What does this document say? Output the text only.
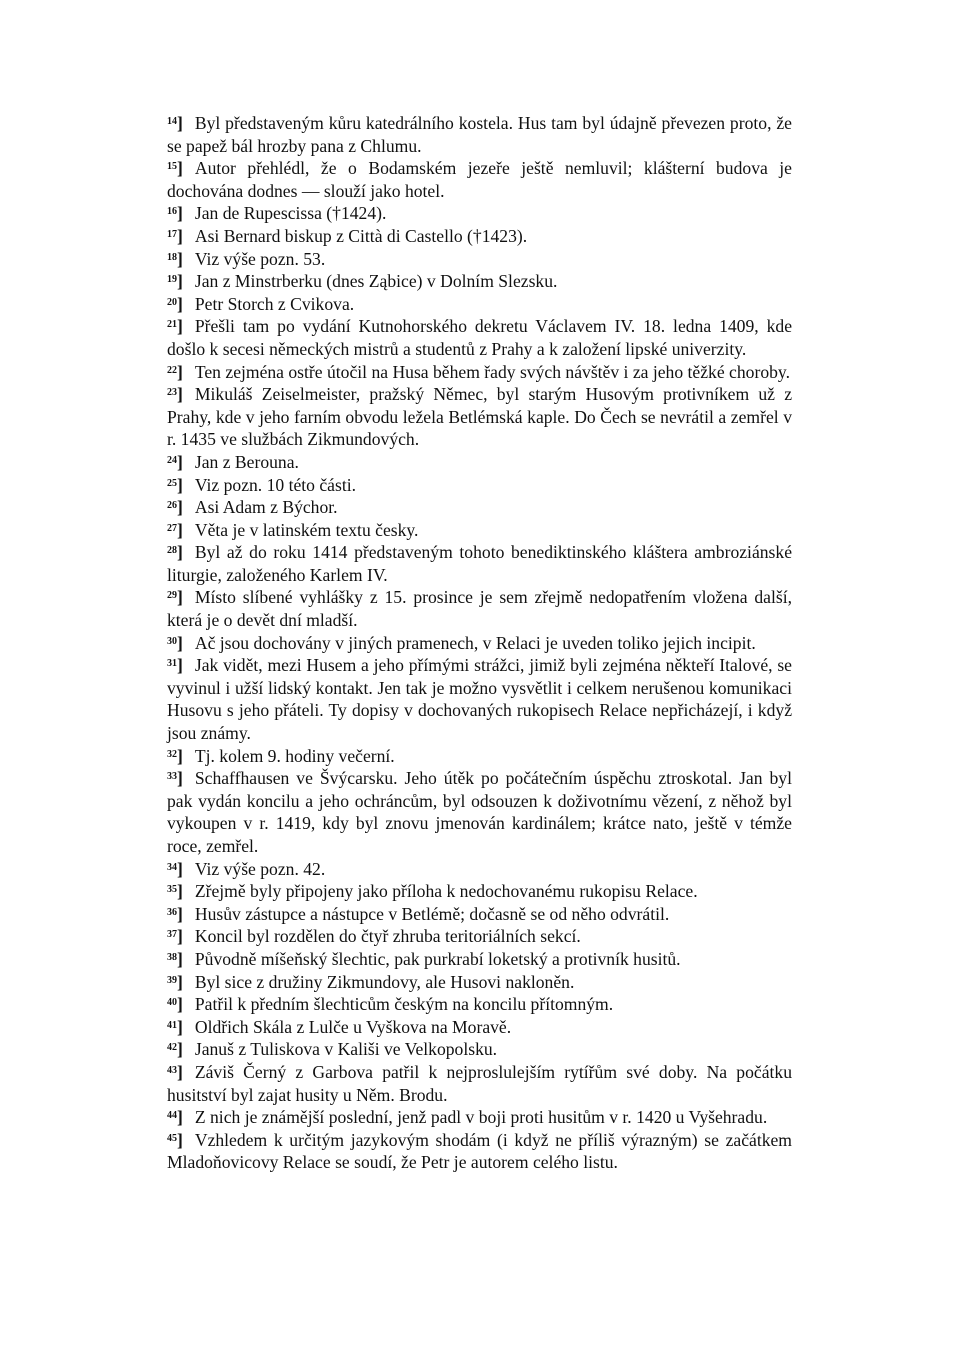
$^{14}$] Byl představeným kůru katedrálního kostela. Hus tam byl údajně převezen proto, že se papež bál hrozby pana z Chlumu.

$^{15}$] Autor přehlédl, že o Bodamském jezeře ještě nemluvil; klášterní budova je dochována dodnes — slouží jako hotel.

$^{16}$] Jan de Rupescissa (†1424).

$^{17}$] Asi Bernard biskup z Città di Castello (†1423).

$^{18}$] Viz výše pozn. 53.

$^{19}$] Jan z Minstrberku (dnes Ząbice) v Dolním Slezsku.

$^{20}$] Petr Storch z Cvikova.

$^{21}$] Přešli tam po vydání Kutnohorského dekretu Václavem IV. 18. ledna 1409, kde došlo k secesi německých mistrů a studentů z Prahy a k založení lipské univerzity.

$^{22}$] Ten zejména ostře útočil na Husa během řady svých návštěv i za jeho těžké choroby.

$^{23}$] Mikuláš Zeiselmeister, pražský Němec, byl starým Husovým protivníkem už z Prahy, kde v jeho farním obvodu ležela Betlémská kaple. Do Čech se nevrátil a zemřel v r. 1435 ve službách Zikmundových.

$^{24}$] Jan z Berouna.

$^{25}$] Viz pozn. 10 této části.

$^{26}$] Asi Adam z Býchor.

$^{27}$] Věta je v latinském textu česky.

$^{28}$] Byl až do roku 1414 představeným tohoto benediktinského kláštera ambroziánské liturgie, založeného Karlem IV.

$^{29}$] Místo slíbené vyhlášky z 15. prosince je sem zřejmě nedopatřením vložena další, která je o devět dní mladší.

$^{30}$] Ač jsou dochovány v jiných pramenech, v Relaci je uveden toliko jejich incipit.

$^{31}$] Jak vidět, mezi Husem a jeho přímými strážci, jimiž byli zejména někteří Italové, se vyvinul i užší lidský kontakt. Jen tak je možno vysvětlit i celkem nerušenou komunikaci Husovu s jeho přáteli. Ty dopisy v dochovaných rukopisech Relace nepřicházejí, i když jsou známy.

$^{32}$] Tj. kolem 9. hodiny večerní.

$^{33}$] Schaffhausen ve Švýcarsku. Jeho útěk po počátečním úspěchu ztroskotal. Jan byl pak vydán koncilu a jeho ochráncům, byl odsouzen k doživotnímu vězení, z něhož byl vykoupen v r. 1419, kdy byl znovu jmenován kardinálem; krátce nato, ještě v témže roce, zemřel.

$^{34}$] Viz výše pozn. 42.

$^{35}$] Zřejmě byly připojeny jako příloha k nedochovanému rukopisu Relace.

$^{36}$] Husův zástupce a nástupce v Betlémě; dočasně se od něho odvrátil.

$^{37}$] Koncil byl rozdělen do čtyř zhruba teritoriálních sekcí.

$^{38}$] Původně míšeňský šlechtic, pak purkrabí loketský a protivník husitů.

$^{39}$] Byl sice z družiny Zikmundovy, ale Husovi nakloněn.

$^{40}$] Patřil k předním šlechticům českým na koncilu přítomným.

$^{41}$] Oldřich Skála z Lulče u Vyškova na Moravě.

$^{42}$] Januš z Tuliskova v Kališi ve Velkopolsku.

$^{43}$] Záviš Černý z Garbova patřil k nejproslulejším rytířům své doby. Na počátku husitství byl zajat husity u Něm. Brodu.

$^{44}$] Z nich je známější poslední, jenž padl v boji proti husitům v r. 1420 u Vyšehradu.

$^{45}$] Vzhledem k určitým jazykovým shodám (i když ne příliš výrazným) se začátkem Mladoňovicovy Relace se soudí, že Petr je autorem celého listu.
